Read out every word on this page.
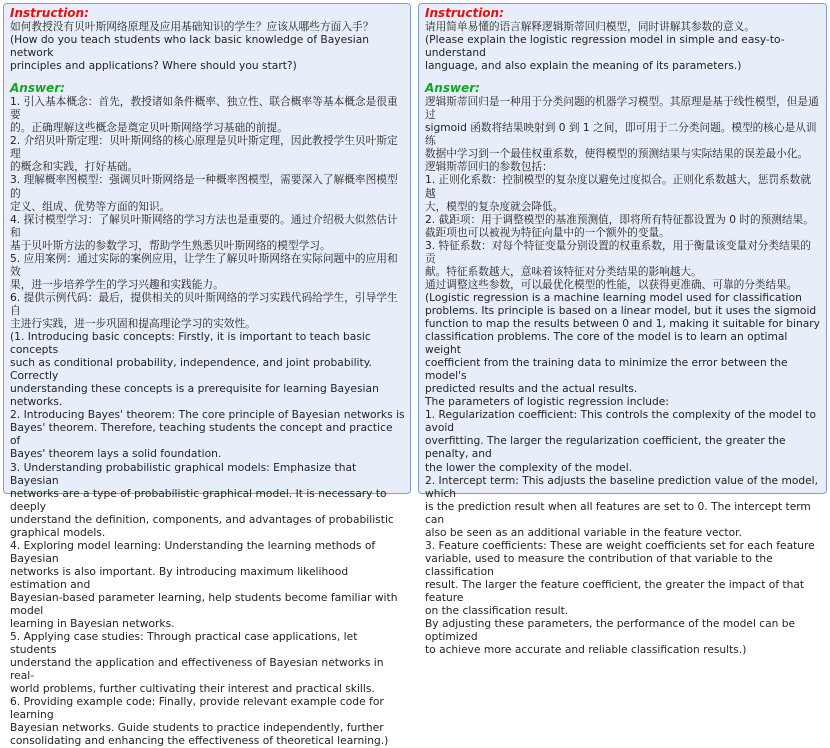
Instruction:
如何教授没有贝叶斯网络原理及应用基础知识的学生？应该从哪些方面入手？
(How do you teach students who lack basic knowledge of Bayesian network
principles and applications? Where should you start?)
Answer:
1. 引入基本概念：首先，教授诸如条件概率、独立性、联合概率等基本概念是很重要
的。正确理解这些概念是奠定贝叶斯网络学习基础的前提。
2. 介绍贝叶斯定理：贝叶斯网络的核心原理是贝叶斯定理，因此教授学生贝叶斯定理
的概念和实践，打好基础。
3. 理解概率图模型：强调贝叶斯网络是一种概率图模型，需要深入了解概率图模型的
定义、组成、优势等方面的知识。
4. 探讨模型学习：了解贝叶斯网络的学习方法也是重要的。通过介绍极大似然估计和
基于贝叶斯方法的参数学习，帮助学生熟悉贝叶斯网络的模型学习。
5. 应用案例：通过实际的案例应用，让学生了解贝叶斯网络在实际问题中的应用和效
果，进一步培养学生的学习兴趣和实践能力。
6. 提供示例代码：最后，提供相关的贝叶斯网络的学习实践代码给学生，引导学生自
主进行实践，进一步巩固和提高理论学习的实效性。
(1. Introducing basic concepts: Firstly, it is important to teach basic concepts
such as conditional probability, independence, and joint probability. Correctly
understanding these concepts is a prerequisite for learning Bayesian networks.
2. Introducing Bayes' theorem: The core principle of Bayesian networks is
Bayes' theorem. Therefore, teaching students the concept and practice of
Bayes' theorem lays a solid foundation.
3. Understanding probabilistic graphical models: Emphasize that Bayesian
networks are a type of probabilistic graphical model. It is necessary to deeply
understand the definition, components, and advantages of probabilistic
graphical models.
4. Exploring model learning: Understanding the learning methods of Bayesian
networks is also important. By introducing maximum likelihood estimation and
Bayesian-based parameter learning, help students become familiar with model
learning in Bayesian networks.
5. Applying case studies: Through practical case applications, let students
understand the application and effectiveness of Bayesian networks in real-
world problems, further cultivating their interest and practical skills.
6. Providing example code: Finally, provide relevant example code for learning
Bayesian networks. Guide students to practice independently, further
consolidating and enhancing the effectiveness of theoretical learning.)
Instruction:
请用简单易懂的语言解释逻辑斯蒂回归模型，同时讲解其参数的意义。
(Please explain the logistic regression model in simple and easy-to-understand
language, and also explain the meaning of its parameters.)
Answer:
逻辑斯蒂回归是一种用于分类问题的机器学习模型。其原理是基于线性模型，但是通过
sigmoid 函数将结果映射到 0 到 1 之间，即可用于二分类问题。模型的核心是从训练
数据中学习到一个最佳权重系数，使得模型的预测结果与实际结果的误差最小化。
逻辑斯蒂回归的参数包括：
1. 正则化系数：控制模型的复杂度以避免过度拟合。正则化系数越大，惩罚系数就越
大，模型的复杂度就会降低。
2. 截距项：用于调整模型的基准预测值，即将所有特征都设置为 0 时的预测结果。
截距项也可以被视为特征向量中的一个额外的变量。
3. 特征系数：对每个特征变量分别设置的权重系数，用于衡量该变量对分类结果的贡
献。特征系数越大，意味着该特征对分类结果的影响越大。
通过调整这些参数，可以最优化模型的性能，以获得更准确、可靠的分类结果。
(Logistic regression is a machine learning model used for classification
problems. Its principle is based on a linear model, but it uses the sigmoid
function to map the results between 0 and 1, making it suitable for binary
classification problems. The core of the model is to learn an optimal weight
coefficient from the training data to minimize the error between the model's
predicted results and the actual results.
The parameters of logistic regression include:
1. Regularization coefficient: This controls the complexity of the model to avoid
overfitting. The larger the regularization coefficient, the greater the penalty, and
the lower the complexity of the model.
2. Intercept term: This adjusts the baseline prediction value of the model, which
is the prediction result when all features are set to 0. The intercept term can
also be seen as an additional variable in the feature vector.
3. Feature coefficients: These are weight coefficients set for each feature
variable, used to measure the contribution of that variable to the classification
result. The larger the feature coefficient, the greater the impact of that feature
on the classification result.
By adjusting these parameters, the performance of the model can be optimized
to achieve more accurate and reliable classification results.)
